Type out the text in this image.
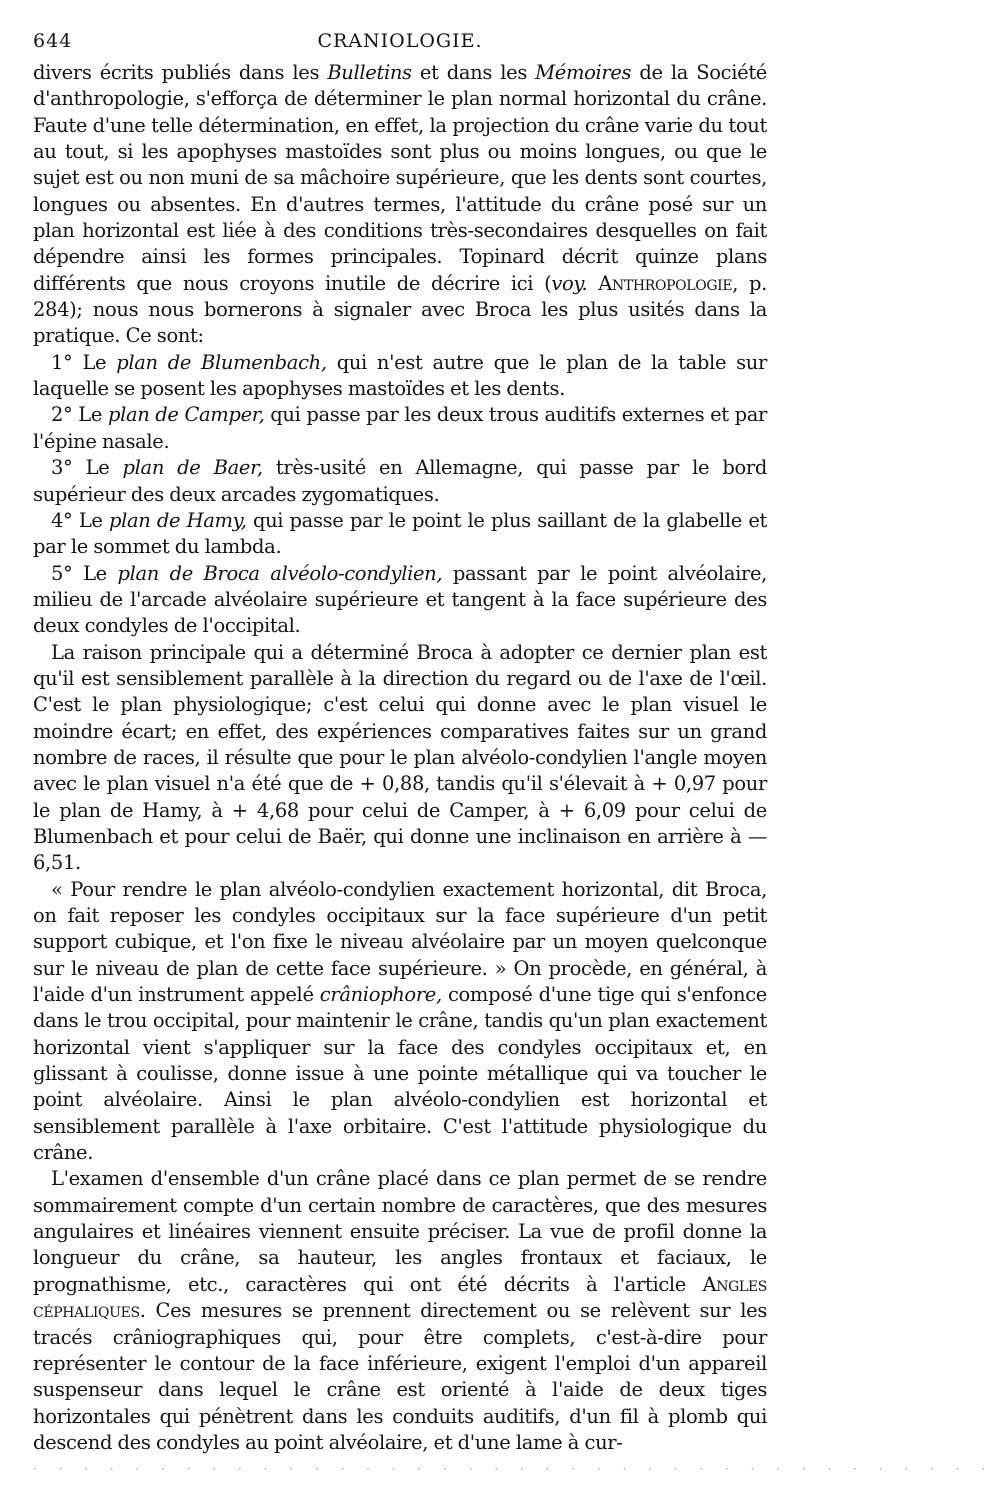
644	CRANIOLOGIE.

divers écrits publiés dans les Bulletins et dans les Mémoires de la Société d'anthropologie, s'efforça de déterminer le plan normal horizontal du crâne. Faute d'une telle détermination, en effet, la projection du crâne varie du tout au tout, si les apophyses mastoïdes sont plus ou moins longues, ou que le sujet est ou non muni de sa mâchoire supérieure, que les dents sont courtes, longues ou absentes. En d'autres termes, l'attitude du crâne posé sur un plan horizontal est liée à des conditions très-secondaires desquelles on fait dépendre ainsi les formes principales. Topinard décrit quinze plans différents que nous croyons inutile de décrire ici (voy. Anthropologie, p. 284); nous nous bornerons à signaler avec Broca les plus usités dans la pratique. Ce sont:

1° Le plan de Blumenbach, qui n'est autre que le plan de la table sur laquelle se posent les apophyses mastoïdes et les dents.

2° Le plan de Camper, qui passe par les deux trous auditifs externes et par l'épine nasale.

3° Le plan de Baer, très-usité en Allemagne, qui passe par le bord supérieur des deux arcades zygomatiques.

4° Le plan de Hamy, qui passe par le point le plus saillant de la glabelle et par le sommet du lambda.

5° Le plan de Broca alvéolo-condylien, passant par le point alvéolaire, milieu de l'arcade alvéolaire supérieure et tangent à la face supérieure des deux condyles de l'occipital.

La raison principale qui a déterminé Broca à adopter ce dernier plan est qu'il est sensiblement parallèle à la direction du regard ou de l'axe de l'œil. C'est le plan physiologique; c'est celui qui donne avec le plan visuel le moindre écart; en effet, des expériences comparatives faites sur un grand nombre de races, il résulte que pour le plan alvéolo-condylien l'angle moyen avec le plan visuel n'a été que de + 0,88, tandis qu'il s'élevait à + 0,97 pour le plan de Hamy, à + 4,68 pour celui de Camper, à + 6,09 pour celui de Blumenbach et pour celui de Baër, qui donne une inclinaison en arrière à — 6,51.

« Pour rendre le plan alvéolo-condylien exactement horizontal, dit Broca, on fait reposer les condyles occipitaux sur la face supérieure d'un petit support cubique, et l'on fixe le niveau alvéolaire par un moyen quelconque sur le niveau de plan de cette face supérieure. » On procède, en général, à l'aide d'un instrument appelé crâniophore, composé d'une tige qui s'enfonce dans le trou occipital, pour maintenir le crâne, tandis qu'un plan exactement horizontal vient s'appliquer sur la face des condyles occipitaux et, en glissant à coulisse, donne issue à une pointe métallique qui va toucher le point alvéolaire. Ainsi le plan alvéolo-condylien est horizontal et sensiblement parallèle à l'axe orbitaire. C'est l'attitude physiologique du crâne.

L'examen d'ensemble d'un crâne placé dans ce plan permet de se rendre sommairement compte d'un certain nombre de caractères, que des mesures angulaires et linéaires viennent ensuite préciser. La vue de profil donne la longueur du crâne, sa hauteur, les angles frontaux et faciaux, le prognathisme, etc., caractères qui ont été décrits à l'article Angles céphaliques. Ces mesures se prennent directement ou se relèvent sur les tracés crâniographiques qui, pour être complets, c'est-à-dire pour représenter le contour de la face inférieure, exigent l'emploi d'un appareil suspenseur dans lequel le crâne est orienté à l'aide de deux tiges horizontales qui pénètrent dans les conduits auditifs, d'un fil à plomb qui descend des condyles au point alvéolaire, et d'une lame à cur-

· · · · · · · · · · · · · · · · · · · · · · · · · · · · · · · · · · · · · ·
